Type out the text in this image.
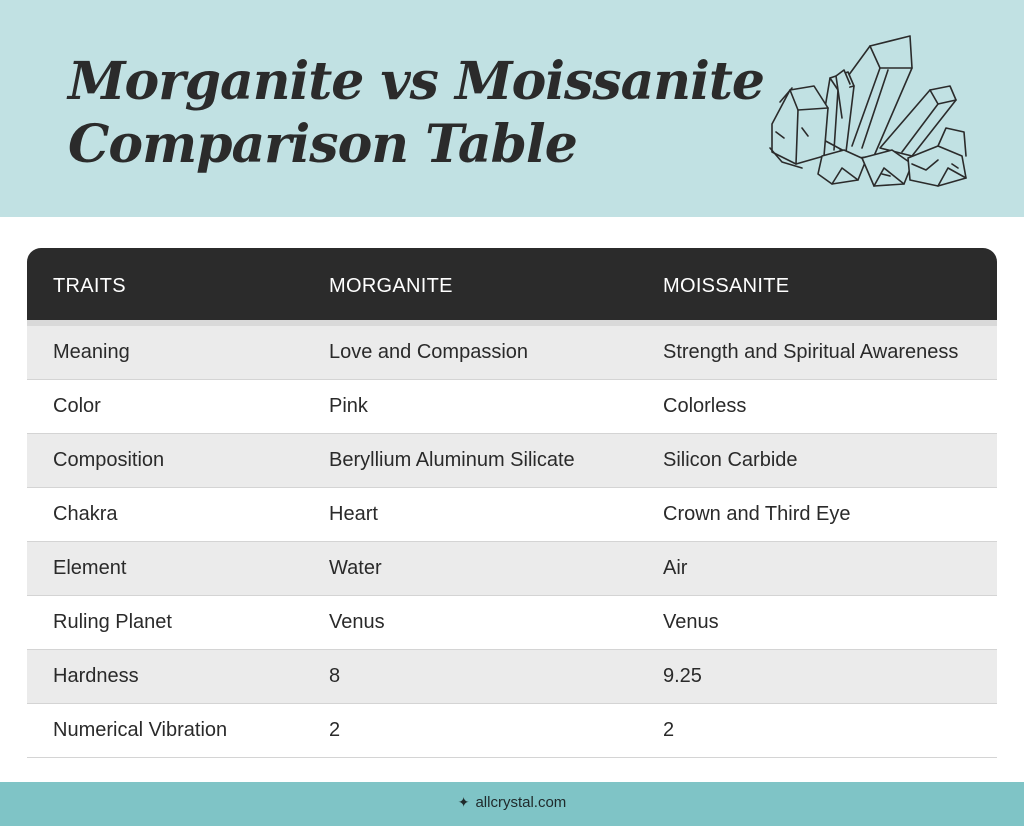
Morganite vs Moissanite
Comparison Table
TRAITS	MORGANITE	MOISSANITE
Meaning	Love and Compassion	Strength and Spiritual Awareness
Color	Pink	Colorless
Composition	Beryllium Aluminum Silicate	Silicon Carbide
Chakra	Heart	Crown and Third Eye
Element	Water	Air
Ruling Planet	Venus	Venus
Hardness	8	9.25
Numerical Vibration	2	2
✦ allcrystal.com
